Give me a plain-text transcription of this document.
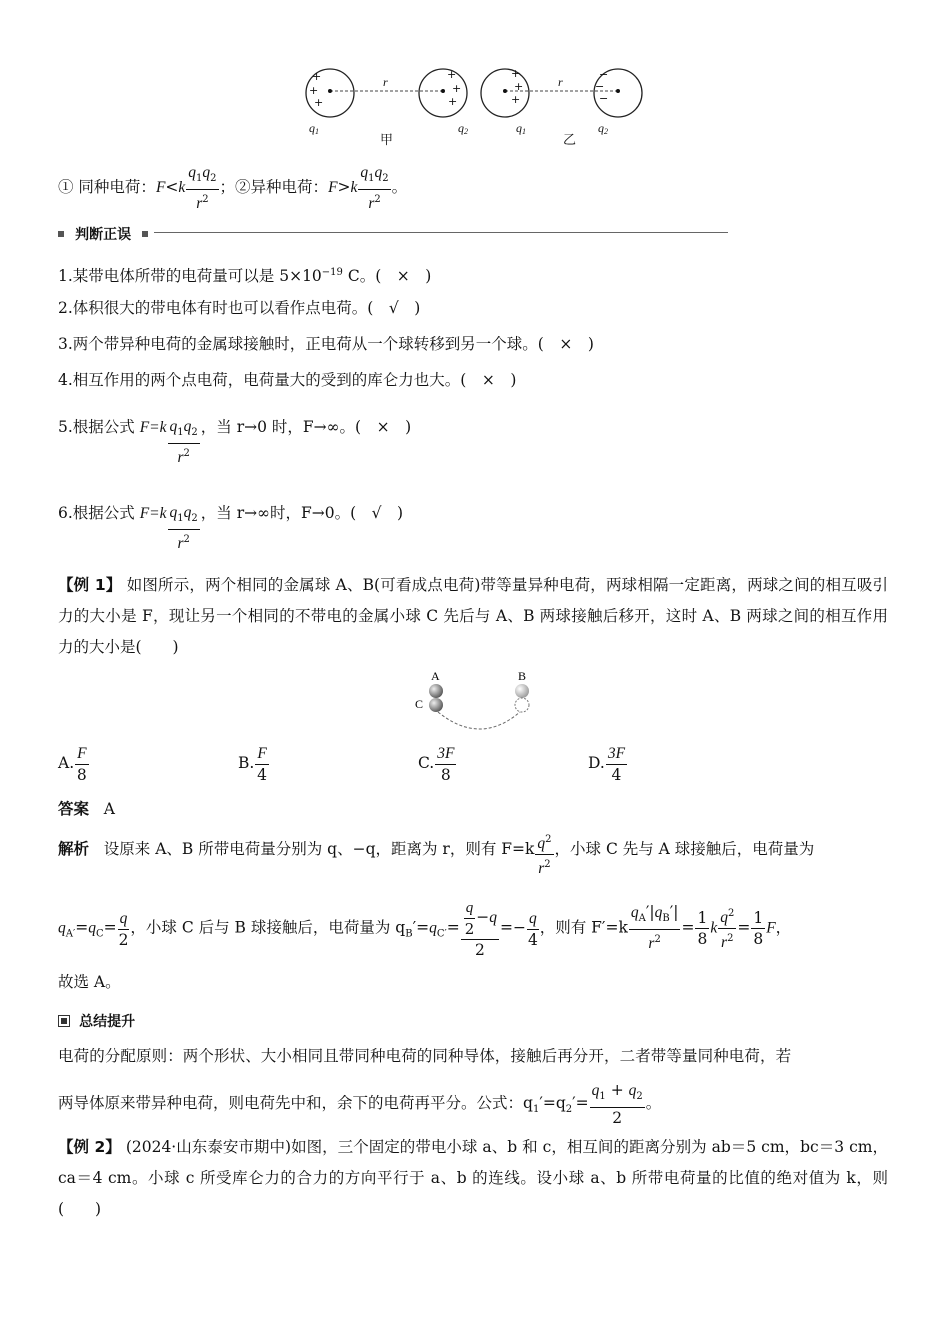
+
+
+
+
+
+
+
+
+
−
−
−
r	r
q1	q2	q1	q2
甲	乙
① 同种电荷：$F<k \frac{q_1q_2}{r^2}$ ；②异种电荷：$F>k \frac{q_1q_2}{r^2}$ 。
判断正误
1.某带电体所带的电荷量可以是 $5\times 10^{-19}$ C。(　×　)
2.体积很大的带电体有时也可以看作点电荷。(　√　)
3.两个带异种电荷的金属球接触时，正电荷从一个球转移到另一个球。(　×　)
4.相互作用的两个点电荷，电荷量大的受到的库仑力也大。(　×　)
5.根据公式 $F=k \frac{q_1q_2}{r^2}$ ，当 r→0 时，F→∞。(　×　)
6.根据公式 $F=k \frac{q_1q_2}{r^2}$ ，当 r→∞时，F→0。(　√　)
【例 1】 如图所示，两个相同的金属球 A、B(可看成点电荷)带等量异种电荷，两球相隔一定距离，两球之间的相互吸引力的大小是 F，现让另一个相同的不带电的金属小球 C 先后与 A、B 两球接触后移开，这时 A、B 两球之间的相互作用力的大小是(　　)
A	B
C
A. $\frac{F}{8}$	B. $\frac{F}{4}$	C. $\frac{3F}{8}$	D. $\frac{3F}{4}$
答案 A
解析 设原来 A、B 所带电荷量分别为 q、−q，距离为 r，则有 $F=k \frac{q^2}{r^2}$ ，小球 C 先与 A 球接触后，电荷量为
$q_{A'}=q_C= \frac{q}{2}$ ，小球 C 后与 B 球接触后，电荷量为 $q_B'=q_{C'}= \frac{\frac{q}{2} -q}{2} =- \frac{q}{4}$ ，则有 $F'=k \frac{q_A'|q_B'|}{r^2} = \frac{1}{8}$ k $\frac{q^2}{r^2} = \frac{1}{8}$ F，
故选 A。
总结提升
电荷的分配原则：两个形状、大小相同且带同种电荷的同种导体，接触后再分开，二者带等量同种电荷，若
两导体原来带异种电荷，则电荷先中和，余下的电荷再平分。公式：$q_1'=q_2'= \frac{q_1 + q_2}{2}$ 。
【例 2】 (2024·山东泰安市期中)如图，三个固定的带电小球 a、b 和 c，相互间的距离分别为 ab＝5 cm，bc＝3 cm，ca＝4 cm。小球 c 所受库仑力的合力的方向平行于 a、b 的连线。设小球 a、b 所带电荷量的比值的绝对值为 k，则(　　)
